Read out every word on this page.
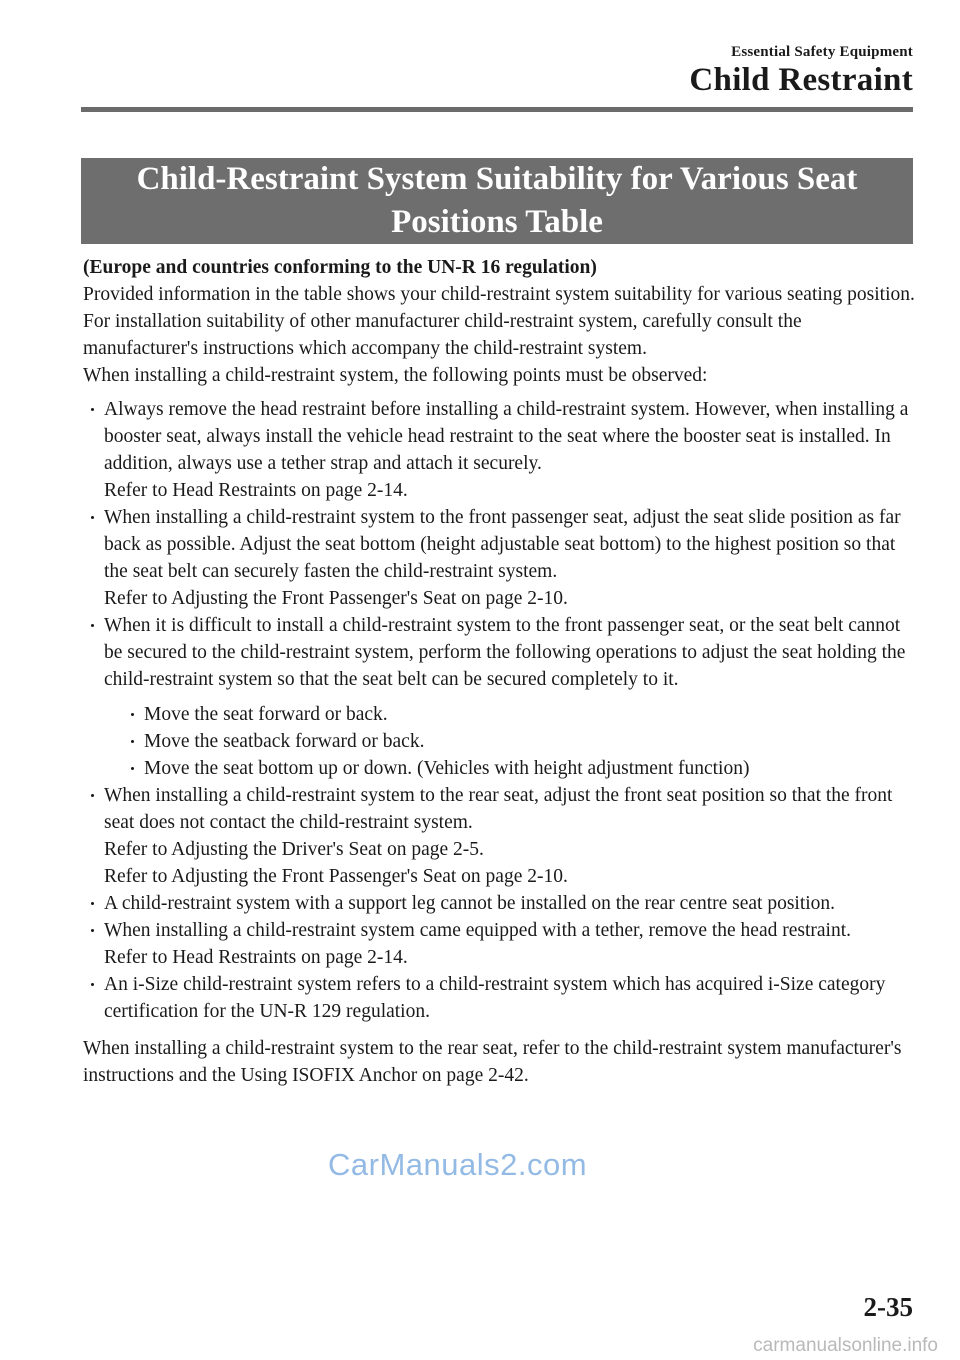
Essential Safety Equipment
Child Restraint
Child-Restraint System Suitability for Various Seat
Positions Table

(Europe and countries conforming to the UN-R 16 regulation)

Provided information in the table shows your child-restraint system suitability for various seating position. For installation suitability of other manufacturer child-restraint system, carefully consult the manufacturer's instructions which accompany the child-restraint system.

When installing a child-restraint system, the following points must be observed:

Always remove the head restraint before installing a child-restraint system. However, when installing a booster seat, always install the vehicle head restraint to the seat where the booster seat is installed. In addition, always use a tether strap and attach it securely.
Refer to Head Restraints on page 2-14.
When installing a child-restraint system to the front passenger seat, adjust the seat slide position as far back as possible. Adjust the seat bottom (height adjustable seat bottom) to the highest position so that the seat belt can securely fasten the child-restraint system.
Refer to Adjusting the Front Passenger's Seat on page 2-10.
When it is difficult to install a child-restraint system to the front passenger seat, or the seat belt cannot be secured to the child-restraint system, perform the following operations to adjust the seat holding the child-restraint system so that the seat belt can be secured completely to it.
Move the seat forward or back.
Move the seatback forward or back.
Move the seat bottom up or down. (Vehicles with height adjustment function)
When installing a child-restraint system to the rear seat, adjust the front seat position so that the front seat does not contact the child-restraint system.
Refer to Adjusting the Driver's Seat on page 2-5.
Refer to Adjusting the Front Passenger's Seat on page 2-10.
A child-restraint system with a support leg cannot be installed on the rear centre seat position.
When installing a child-restraint system came equipped with a tether, remove the head restraint.
Refer to Head Restraints on page 2-14.
An i-Size child-restraint system refers to a child-restraint system which has acquired i-Size category certification for the UN-R 129 regulation.

When installing a child-restraint system to the rear seat, refer to the child-restraint system manufacturer's instructions and the Using ISOFIX Anchor on page 2-42.

CarManuals2.com
2-35
carmanualsonline.info
